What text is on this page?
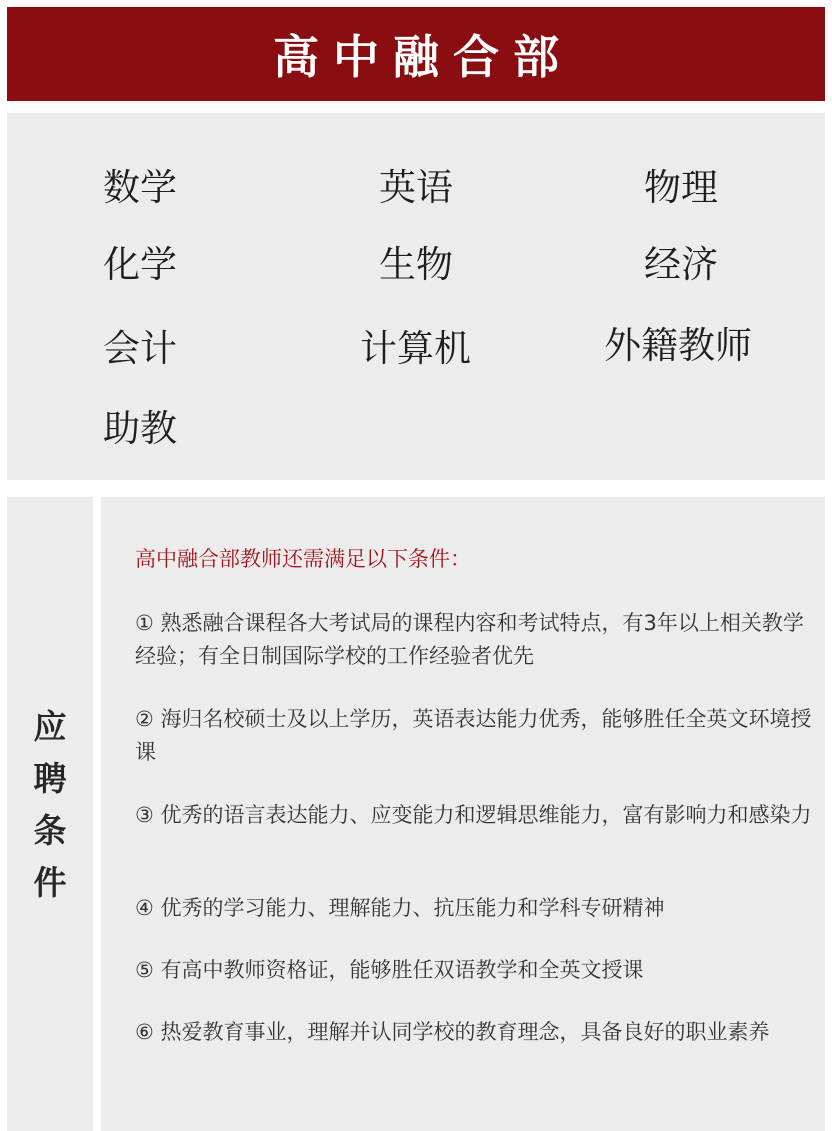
高中融合部
数学	英语	物理
化学	生物	经济
会计	计算机	外籍教师
助教
应
聘
条
件
高中融合部教师还需满足以下条件：
① 熟悉融合课程各大考试局的课程内容和考试特点，有3年以上相关教学经验；有全日制国际学校的工作经验者优先
② 海归名校硕士及以上学历，英语表达能力优秀，能够胜任全英文环境授课
③ 优秀的语言表达能力、应变能力和逻辑思维能力，富有影响力和感染力
④ 优秀的学习能力、理解能力、抗压能力和学科专研精神
⑤ 有高中教师资格证，能够胜任双语教学和全英文授课
⑥ 热爱教育事业，理解并认同学校的教育理念，具备良好的职业素养
